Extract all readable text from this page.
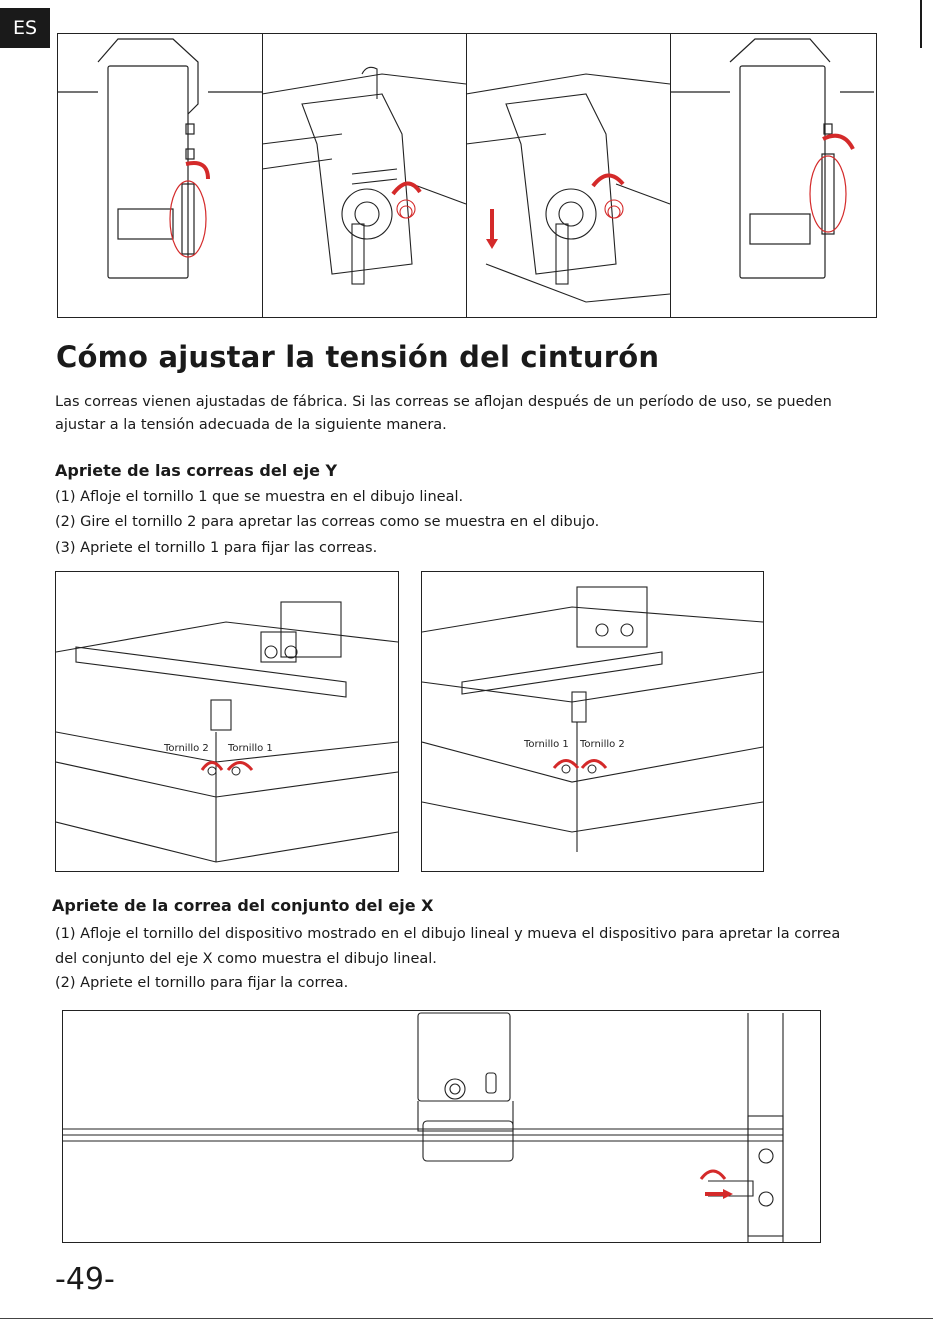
ES
Cómo ajustar la tensión del cinturón

Las correas vienen ajustadas de fábrica. Si las correas se aflojan después de un período de uso, se pueden

ajustar a la tensión adecuada de la siguiente manera.

Apriete de las correas del eje Y

(1) Afloje el tornillo 1 que se muestra en el dibujo lineal.

(2) Gire el tornillo 2 para apretar las correas como se muestra en el dibujo.

(3) Apriete el tornillo 1 para fijar las correas.

Tornillo 2 Tornillo 1	Tornillo 1 Tornillo 2

Apriete de la correa del conjunto del eje X

(1) Afloje el tornillo del dispositivo mostrado en el dibujo lineal y mueva el dispositivo para apretar la correa

del conjunto del eje X como muestra el dibujo lineal.

(2) Apriete el tornillo para fijar la correa.

-49-
